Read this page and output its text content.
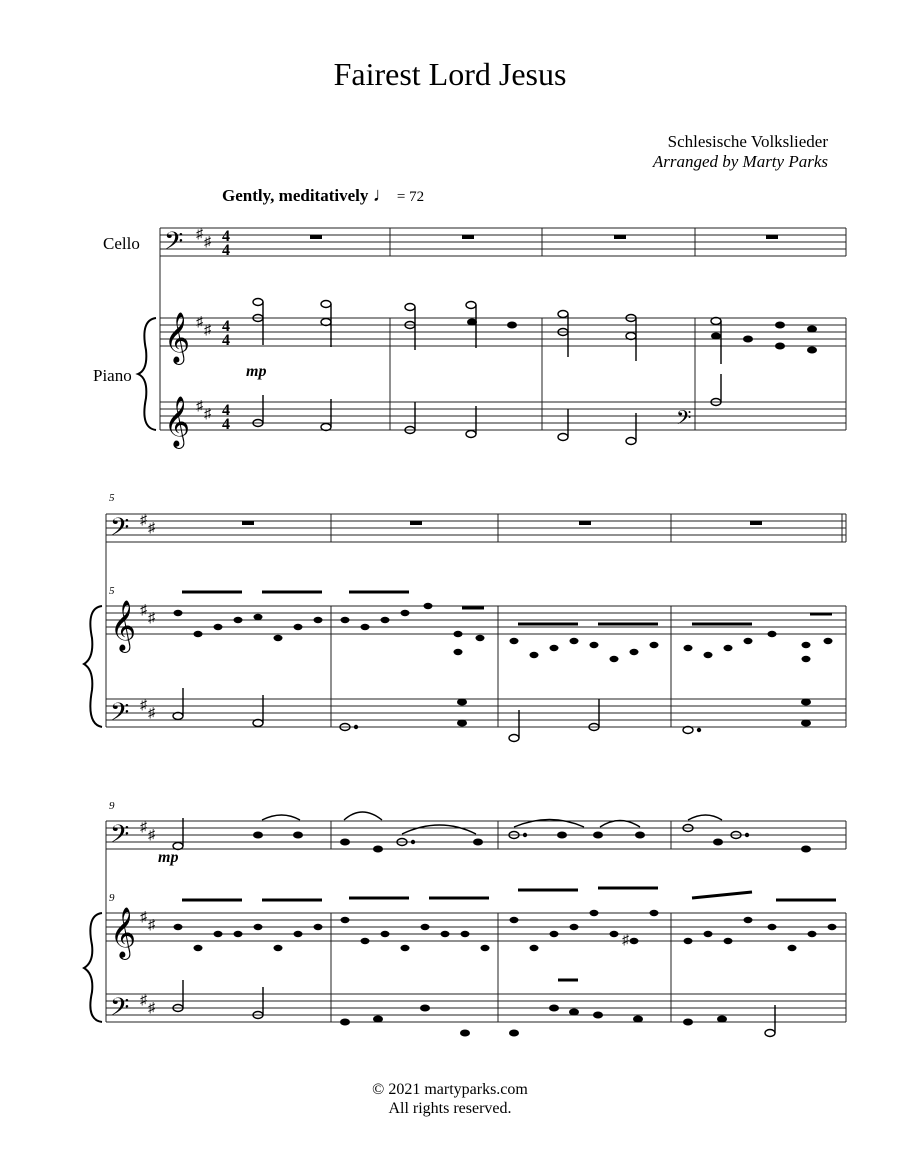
Fairest Lord Jesus
Schlesische Volkslieder
Arranged by Marty Parks
Gently, meditatively ♩ = 72
Cello
Piano
5
5
9
9
mp
mp
𝄢 ♯
♯ 4
4
𝄞 ♯
♯ 4
4
𝄞 ♯
♯ 4
4	𝄢
𝄢 ♯
♯
𝄞 ♯
♯
𝄢 ♯
♯
𝄢 ♯
♯
𝄞 ♯
♯
𝄢 ♯
♯
♯
© 2021 martyparks.com
All rights reserved.
